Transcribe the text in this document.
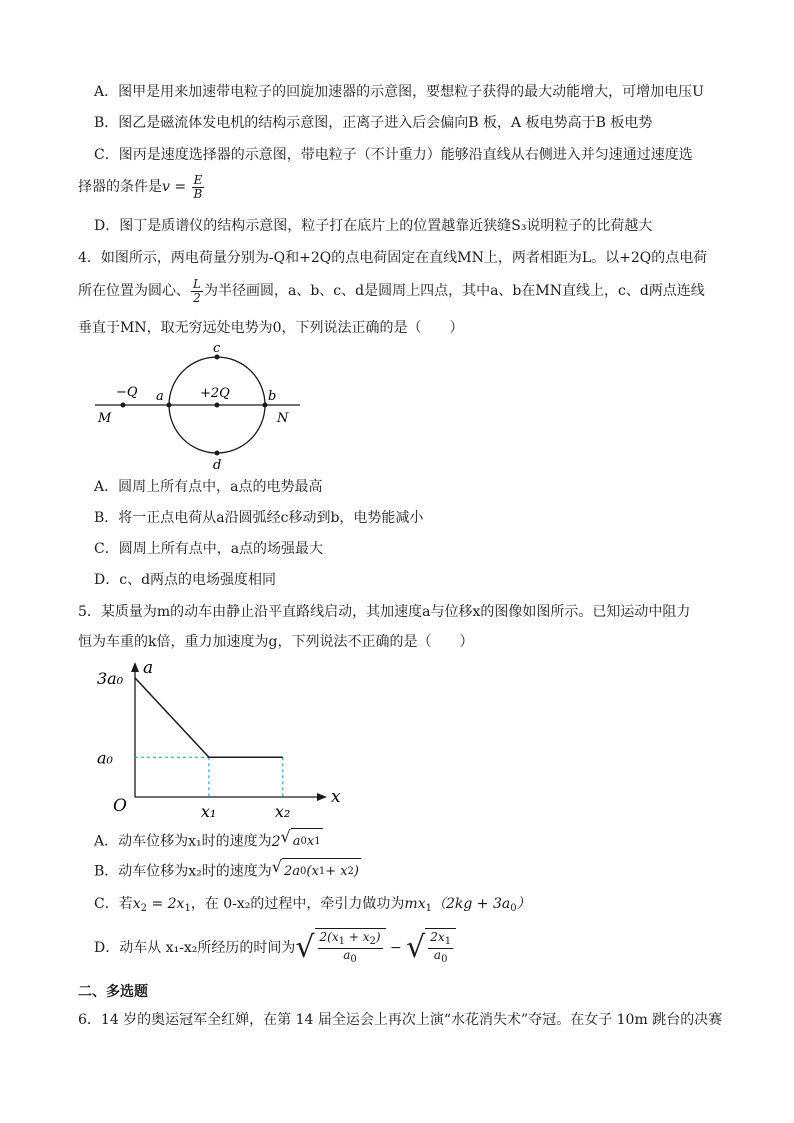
A．图甲是用来加速带电粒子的回旋加速器的示意图，要想粒子获得的最大动能增大，可增加电压U
B．图乙是磁流体发电机的结构示意图，正离子进入后会偏向B 板，A 板电势高于B 板电势
C．图丙是速度选择器的示意图，带电粒子（不计重力）能够沿直线从右侧进入并匀速通过速度选
择器的条件是$v = \frac{E}{B}$
D．图丁是质谱仪的结构示意图，粒子打在底片上的位置越靠近狭缝S₃说明粒子的比荷越大
4．如图所示，两电荷量分别为-Q和+2Q的点电荷固定在直线MN上，两者相距为L。以+2Q的点电荷
所在位置为圆心、 $\frac{L}{2}$ 为半径画圆，a、b、c、d是圆周上四点，其中a、b在MN直线上，c、d两点连线
垂直于MN，取无穷远处电势为0，下列说法正确的是（　　）
−Q	+2Q
a	b
c
d
M	N
A．圆周上所有点中，a点的电势最高
B．将一正点电荷从a沿圆弧经c移动到b，电势能减小
C．圆周上所有点中，a点的场强最大
D．c、d两点的电场强度相同
5．某质量为m的动车由静止沿平直路线启动，其加速度a与位移x的图像如图所示。已知运动中阻力
恒为车重的k倍，重力加速度为g，下列说法不正确的是（　　）
x
a
O
3a₀
a₀
x₁	x₂
A．动车位移为x₁时的速度为2 √ a 0 x 1
B．动车位移为x₂时的速度为 √ 2a 0 (x 1 + x 2 )
C．若$x_2 = 2x_1$，在 0-x₂的过程中，牵引力做功为$mx_1(2kg + 3a_0)$
D．动车从 x₁-x₂所经历的时间为 √ $\frac{2(x_1 + x_2)}{a_0}$ − √ $\frac{2x_1}{a_0}$
二、多选题
6．14 岁的奥运冠军全红婵，在第 14 届全运会上再次上演“水花消失术”夺冠。在女子 10m 跳台的决赛
